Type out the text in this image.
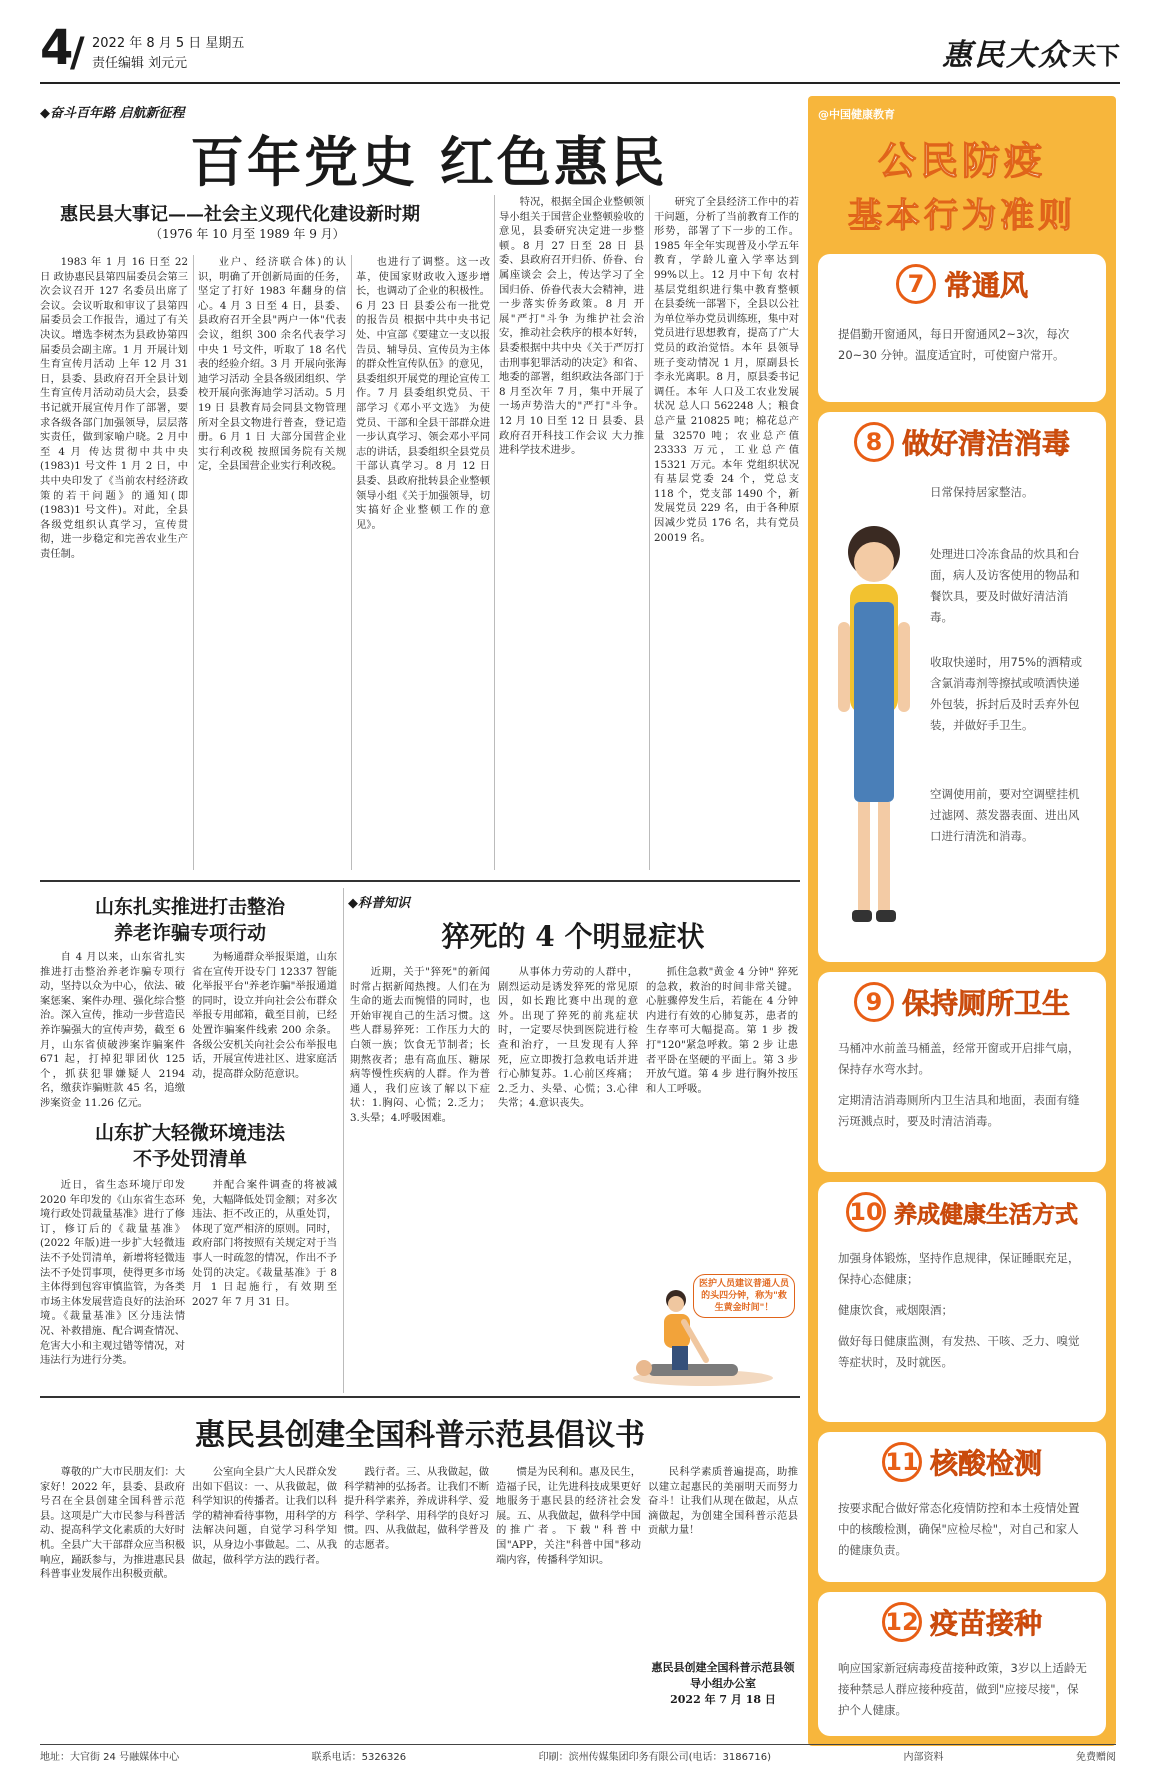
4
/ 2022 年 8 月 5 日 星期五
责任编辑 刘元元	惠民大众 天下
◆奋斗百年路 启航新征程
百年党史 红色惠民
惠民县大事记——社会主义现代化建设新时期
（1976 年 10 月至 1989 年 9 月）

1983 年 1 月 16 日至 22 日 政协惠民县第四届委员会第三次会议召开 127 名委员出席了会议。会议听取和审议了县第四届委员会工作报告，通过了有关决议。增选李树杰为县政协第四届委员会副主席。1 月 开展计划生育宣传月活动 上年 12 月 31 日，县委、县政府召开全县计划生育宣传月活动动员大会，县委书记就开展宣传月作了部署，要求各级各部门加强领导，层层落实责任，做到家喻户晓。2 月中至 4 月 传达贯彻中共中央(1983)1 号文件 1 月 2 日，中共中央印发了《当前农村经济政策的若干问题》的通知(即(1983)1 号文件)。对此，全县各级党组织认真学习，宣传贯彻，进一步稳定和完善农业生产责任制。

业户、经济联合体)的认识，明确了开创新局面的任务，坚定了打好 1983 年翻身的信心。4 月 3 日至 4 日，县委、县政府召开全县"两户一体"代表会议，组织 300 余名代表学习中央 1 号文件，听取了 18 名代表的经验介绍。3 月 开展向张海迪学习活动 全县各级团组织、学校开展向张海迪学习活动。5 月 19 日 县教育局会同县文物管理所对全县文物进行普查，登记造册。6 月 1 日 大部分国营企业实行利改税 按照国务院有关规定，全县国营企业实行利改税。

也进行了调整。这一改革，使国家财政收入逐步增长，也调动了企业的积极性。6 月 23 日 县委公布一批党的报告员 根据中共中央书记处、中宣部《要建立一支以报告员、辅导员、宣传员为主体的群众性宣传队伍》的意见，县委组织开展党的理论宣传工作。7 月 县委组织党员、干部学习《邓小平文选》 为使党员、干部和全县干部群众进一步认真学习、领会邓小平同志的讲话，县委组织全县党员干部认真学习。8 月 12 日 县委、县政府批转县企业整顿领导小组《关于加强领导，切实搞好企业整顿工作的意见》。

特况，根据全国企业整顿领导小组关于国营企业整顿验收的意见，县委研究决定进一步整顿。8 月 27 日至 28 日 县委、县政府召开归侨、侨眷、台属座谈会 会上，传达学习了全国归侨、侨眷代表大会精神，进一步落实侨务政策。8 月 开展"严打"斗争 为维护社会治安，推动社会秩序的根本好转，县委根据中共中央《关于严厉打击刑事犯罪活动的决定》和省、地委的部署，组织政法各部门于 8 月至次年 7 月，集中开展了一场声势浩大的"严打"斗争。12 月 10 日至 12 日 县委、县政府召开科技工作会议 大力推进科学技术进步。

研究了全县经济工作中的若干问题，分析了当前教育工作的形势，部署了下一步的工作。1985 年全年实现普及小学五年教育，学龄儿童入学率达到 99%以上。12 月中下旬 农村基层党组织进行集中教育整顿 在县委统一部署下，全县以公社为单位举办党员训练班，集中对党员进行思想教育，提高了广大党员的政治觉悟。本年 县领导班子变动情况 1 月，原副县长李永光离职。8 月，原县委书记调任。本年 人口及工农业发展状况 总人口 562248 人；粮食总产量 210825 吨；棉花总产量 32570 吨；农业总产值 23333 万元，工业总产值 15321 万元。本年 党组织状况 有基层党委 24 个，党总支 118 个，党支部 1490 个，新发展党员 229 名，由于各种原因减少党员 176 名，共有党员 20019 名。

山东扎实推进打击整治
养老诈骗专项行动

自 4 月以来，山东省扎实推进打击整治养老诈骗专项行动，坚持以众为中心，依法、破案惩案、案件办理、强化综合整治。深入宣传，推动一步营造民养诈骗强大的宣传声势，截至 6 月，山东省侦破涉案诈骗案件 671 起，打掉犯罪团伙 125 个，抓获犯罪嫌疑人 2194 名，缴获诈骗赃款 45 名，追缴涉案资金 11.26 亿元。

为畅通群众举报渠道，山东省在宣传开设专门 12337 智能化举报平台"养老诈骗"举报通道的同时，设立并向社会公布群众举报专用邮箱，截至目前，已经处置诈骗案件线索 200 余条。各级公安机关向社会公布举报电话，开展宣传进社区、进家庭活动，提高群众防范意识。

山东扩大轻微环境违法
不予处罚清单

近日，省生态环境厅印发 2020 年印发的《山东省生态环境行政处罚裁量基准》进行了修订，修订后的《裁量基准》(2022 年版)进一步扩大轻微违法不予处罚清单，新增将轻微违法不予处罚事项，使得更多市场主体得到包容审慎监管，为各类市场主体发展营造良好的法治环境。《裁量基准》区分违法情况、补救措施、配合调查情况、危害大小和主观过错等情况，对违法行为进行分类。

并配合案件调查的将被减免，大幅降低处罚金额；对多次违法、拒不改正的，从重处罚，体现了宽严相济的原则。同时，政府部门将按照有关规定对于当事人一时疏忽的情况，作出不予处罚的决定。《裁量基准》于 8 月 1 日起施行，有效期至 2027 年 7 月 31 日。

◆科普知识
猝死的 4 个明显症状

近期，关于"猝死"的新闻时常占据新闻热搜。人们在为生命的逝去而惋惜的同时，也开始审视自己的生活习惯。这些人群易猝死：工作压力大的白领一族；饮食无节制者；长期熬夜者；患有高血压、糖尿病等慢性疾病的人群。作为普通人，我们应该了解以下症状：1.胸闷、心慌；2.乏力；3.头晕；4.呼吸困难。

从事体力劳动的人群中，剧烈运动是诱发猝死的常见原因，如长跑比赛中出现的意外。出现了猝死的前兆症状时，一定要尽快到医院进行检查和治疗，一旦发现有人猝死，应立即拨打急救电话并进行心肺复苏。1.心前区疼痛；2.乏力、头晕、心慌；3.心律失常；4.意识丧失。

抓住急救"黄金 4 分钟" 猝死的急救，救治的时间非常关键。心脏骤停发生后，若能在 4 分钟内进行有效的心肺复苏，患者的生存率可大幅提高。第 1 步 拨打"120"紧急呼救。第 2 步 让患者平卧在坚硬的平面上。第 3 步 开放气道。第 4 步 进行胸外按压和人工呼吸。

医护人员建议普通人员的头四分钟，称为"救生黄金时间"！
惠民县创建全国科普示范县倡议书

尊敬的广大市民朋友们：大家好！2022 年，县委、县政府号召在全县创建全国科普示范县。这项是广大市民参与科普活动、提高科学文化素质的大好时机。全县广大干部群众应当积极响应，踊跃参与，为推进惠民县科普事业发展作出积极贡献。

公室向全县广大人民群众发出如下倡议：一、从我做起，做科学知识的传播者。让我们以科学的精神看待事物，用科学的方法解决问题，自觉学习科学知识，从身边小事做起。二、从我做起，做科学方法的践行者。

践行者。三、从我做起，做科学精神的弘扬者。让我们不断提升科学素养，养成讲科学、爱科学、学科学、用科学的良好习惯。四、从我做起，做科学普及的志愿者。

惯是为民利和。惠及民生，造福子民，让先进科技成果更好地服务于惠民县的经济社会发展。五、从我做起，做科学中国的推广者。下载"科普中国"APP，关注"科普中国"移动端内容，传播科学知识。

民科学素质普遍提高，助推以建立起惠民的美丽明天而努力奋斗！让我们从现在做起，从点滴做起，为创建全国科普示范县贡献力量！

惠民县创建全国科普示范县领导小组办公室
2022 年 7 月 18 日
@中国健康教育
公民防疫
基本行为准则
7 常通风

提倡勤开窗通风，每日开窗通风2~3次，每次20~30 分钟。温度适宜时，可使窗户常开。

8 做好清洁消毒

日常保持居家整洁。

处理进口冷冻食品的炊具和台面，病人及访客使用的物品和餐饮具，要及时做好清洁消毒。

收取快递时，用75%的酒精或含氯消毒剂等擦拭或喷洒快递外包装，拆封后及时丢弃外包装，并做好手卫生。

空调使用前，要对空调壁挂机过滤网、蒸发器表面、进出风口进行清洗和消毒。

9 保持厕所卫生

马桶冲水前盖马桶盖，经常开窗或开启排气扇，保持存水弯水封。

定期清洁消毒厕所内卫生洁具和地面，表面有缝污斑溅点时，要及时清洁消毒。

10 养成健康生活方式

加强身体锻炼，坚持作息规律，保证睡眠充足，保持心态健康；

健康饮食，戒烟限酒；

做好每日健康监测，有发热、干咳、乏力、嗅觉等症状时，及时就医。

11 核酸检测

按要求配合做好常态化疫情防控和本土疫情处置中的核酸检测，确保"应检尽检"，对自己和家人的健康负责。

12 疫苗接种

响应国家新冠病毒疫苗接种政策，3岁以上适龄无接种禁忌人群应接种疫苗，做到"应接尽接"，保护个人健康。

地址：大官街 24 号融媒体中心	联系电话：5326326	印刷：滨州传媒集团印务有限公司(电话：3186716)	内部资料	免费赠阅
